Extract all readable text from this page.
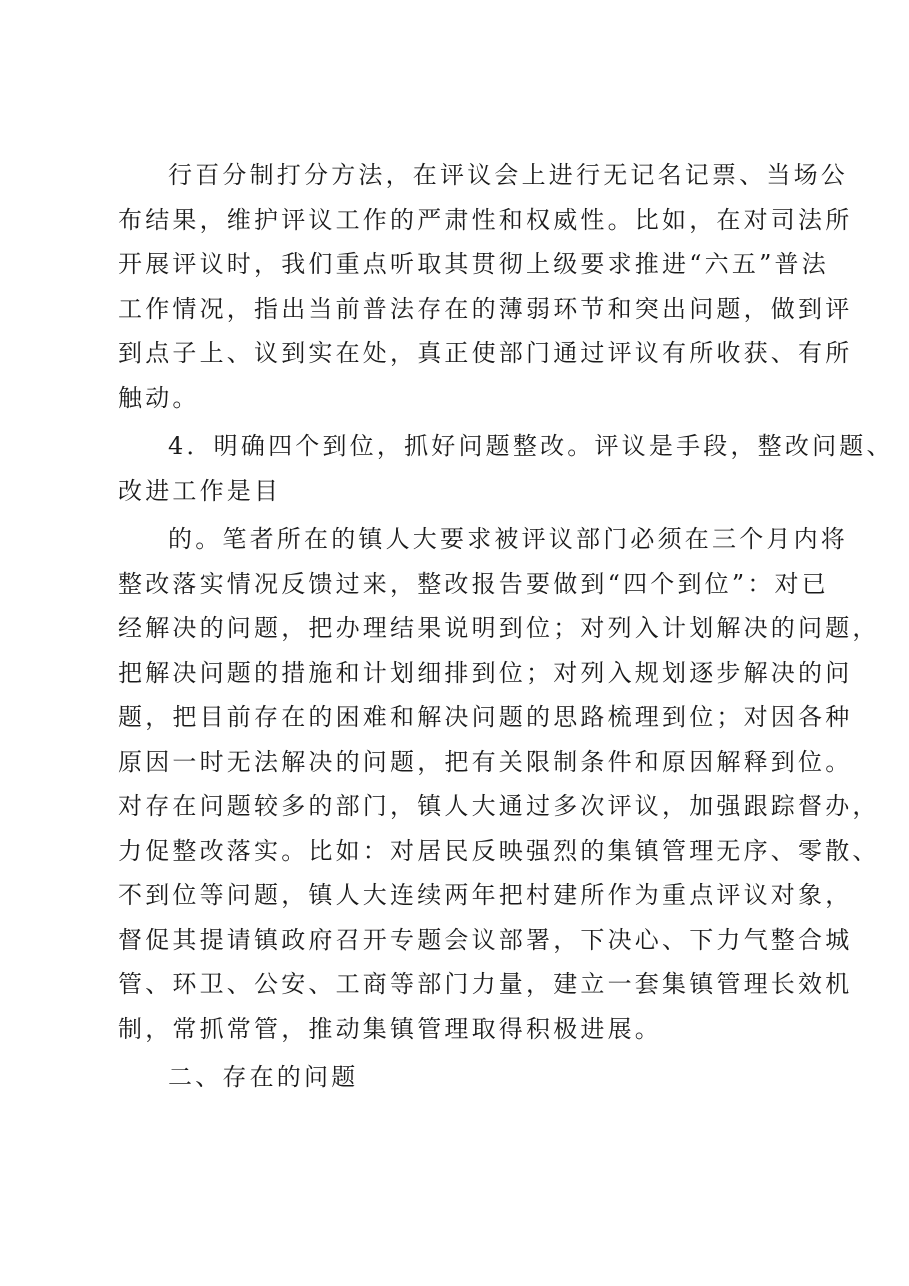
行百分制打分方法，在评议会上进行无记名记票、当场公
布结果，维护评议工作的严肃性和权威性。比如，在对司法所
开展评议时，我们重点听取其贯彻上级要求推进“六五”普法
工作情况，指出当前普法存在的薄弱环节和突出问题，做到评
到点子上、议到实在处，真正使部门通过评议有所收获、有所
触动。
4．明确四个到位，抓好问题整改。评议是手段，整改问题、
改进工作是目
的。笔者所在的镇人大要求被评议部门必须在三个月内将
整改落实情况反馈过来，整改报告要做到“四个到位”：对已
经解决的问题，把办理结果说明到位；对列入计划解决的问题，
把解决问题的措施和计划细排到位；对列入规划逐步解决的问
题，把目前存在的困难和解决问题的思路梳理到位；对因各种
原因一时无法解决的问题，把有关限制条件和原因解释到位。
对存在问题较多的部门，镇人大通过多次评议，加强跟踪督办，
力促整改落实。比如：对居民反映强烈的集镇管理无序、零散、
不到位等问题，镇人大连续两年把村建所作为重点评议对象，
督促其提请镇政府召开专题会议部署，下决心、下力气整合城
管、环卫、公安、工商等部门力量，建立一套集镇管理长效机
制，常抓常管，推动集镇管理取得积极进展。
二、存在的问题
